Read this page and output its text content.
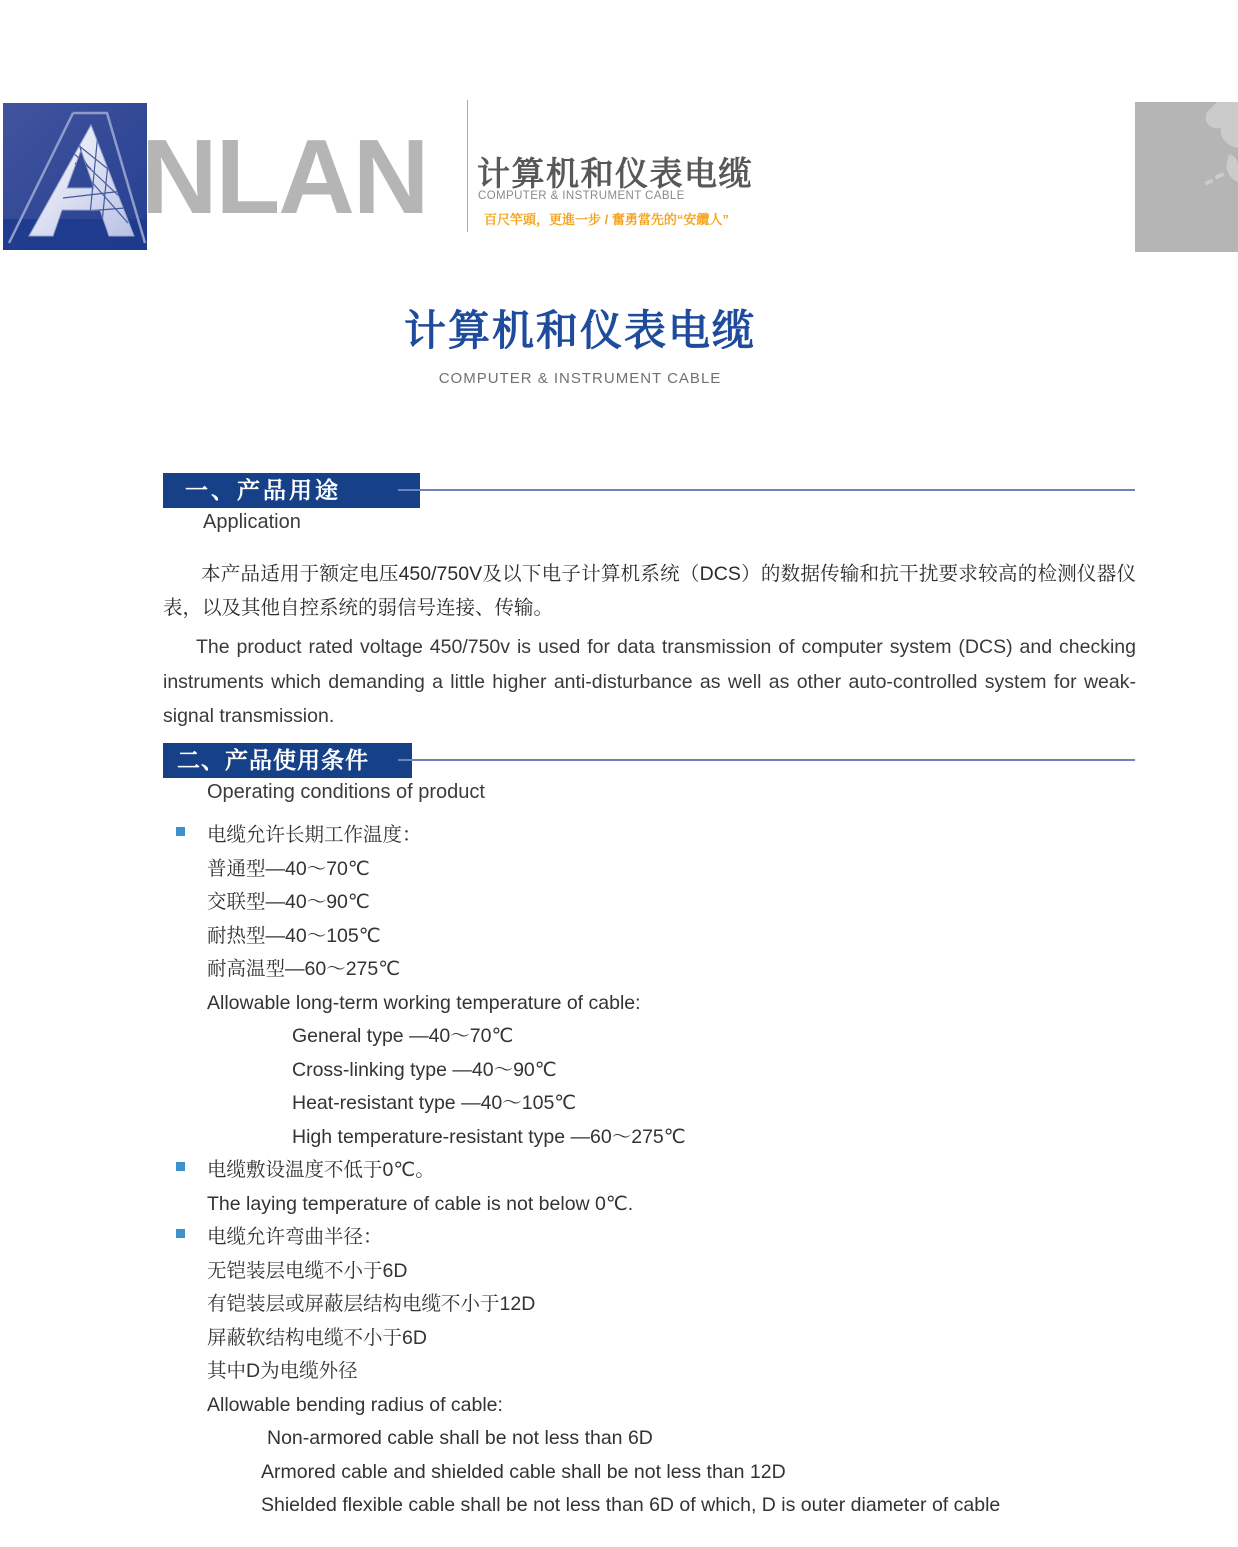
NLAN 计算机和仪表电缆
COMPUTER & INSTRUMENT CABLE
百尺竿頭，更進一步 / 奮勇當先的“安纜人”
计算机和仪表电缆
COMPUTER & INSTRUMENT CABLE
一、产品用途
Application
本产品适用于额定电压450/750V及以下电子计算机系统（DCS）的数据传输和抗干扰要求较高的检测仪器仪表，以及其他自控系统的弱信号连接、传输。
The product rated voltage 450/750v is used for data transmission of computer system (DCS) and checking instruments which demanding a little higher anti-disturbance as well as other auto-controlled system for weak-signal transmission.
二、产品使用条件
Operating conditions of product
电缆允许长期工作温度：
普通型—40～70℃
交联型—40～90℃
耐热型—40～105℃
耐高温型—60～275℃
Allowable long-term working temperature of cable:
General type —40～70℃
Cross-linking type —40～90℃
Heat-resistant type —40～105℃
High temperature-resistant type —60～275℃
电缆敷设温度不低于0℃。
The laying temperature of cable is not below 0℃.
电缆允许弯曲半径：
无铠装层电缆不小于6D
有铠装层或屏蔽层结构电缆不小于12D
屏蔽软结构电缆不小于6D
其中D为电缆外径
Allowable bending radius of cable:
Non-armored cable shall be not less than 6D
Armored cable and shielded cable shall be not less than 12D
Shielded flexible cable shall be not less than 6D of which, D is outer diameter of cable
